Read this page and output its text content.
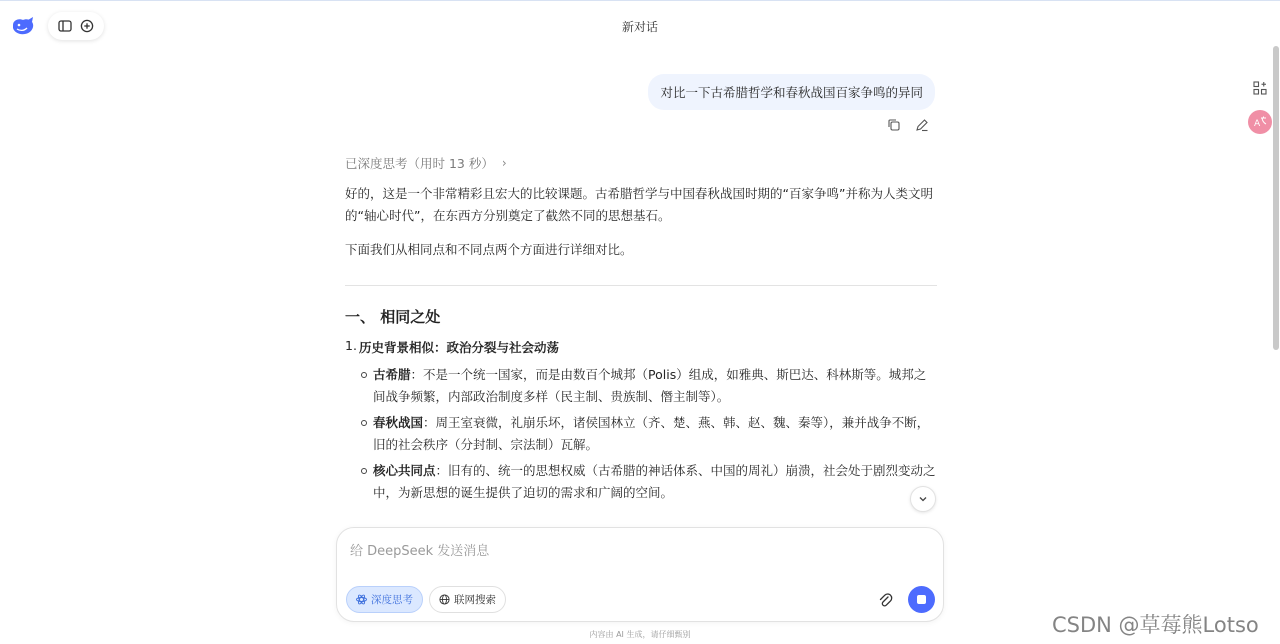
新对话
A
对比一下古希腊哲学和春秋战国百家争鸣的异同
已深度思考（用时 13 秒） ›

好的，这是一个非常精彩且宏大的比较课题。古希腊哲学与中国春秋战国时期的“百家争鸣”并称为人类文明的“轴心时代”，在东西方分别奠定了截然不同的思想基石。

下面我们从相同点和不同点两个方面进行详细对比。

一、 相同之处
1. 历史背景相似：政治分裂与社会动荡
古希腊：不是一个统一国家，而是由数百个城邦（Polis）组成，如雅典、斯巴达、科林斯等。城邦之间战争频繁，内部政治制度多样（民主制、贵族制、僭主制等）。
春秋战国：周王室衰微，礼崩乐坏，诸侯国林立（齐、楚、燕、韩、赵、魏、秦等），兼并战争不断，旧的社会秩序（分封制、宗法制）瓦解。
核心共同点：旧有的、统一的思想权威（古希腊的神话体系、中国的周礼）崩溃，社会处于剧烈变动之中，为新思想的诞生提供了迫切的需求和广阔的空间。
给 DeepSeek 发送消息
深度思考	联网搜索
内容由 AI 生成，请仔细甄别	CSDN @草莓熊Lotso
